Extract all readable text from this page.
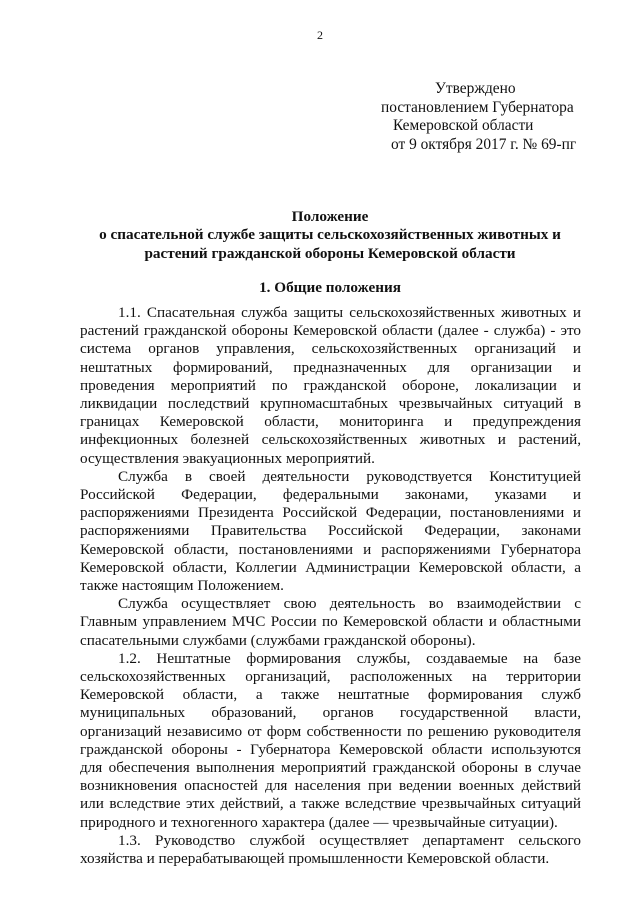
2
Утверждено
постановлением Губернатора
Кемеровской области
от 9 октября 2017 г. № 69-пг
Положение
о спасательной службе защиты сельскохозяйственных животных и
растений гражданской обороны Кемеровской области
1. Общие положения
1.1. Спасательная служба защиты сельскохозяйственных животных и
растений гражданской обороны Кемеровской области (далее - служба) - это
система органов управления, сельскохозяйственных организаций и
нештатных формирований, предназначенных для организации и
проведения мероприятий по гражданской обороне, локализации и
ликвидации последствий крупномасштабных чрезвычайных ситуаций в
границах Кемеровской области, мониторинга и предупреждения
инфекционных болезней сельскохозяйственных животных и растений,
осуществления эвакуационных мероприятий.
Служба в своей деятельности руководствуется Конституцией
Российской Федерации, федеральными законами, указами и
распоряжениями Президента Российской Федерации, постановлениями и
распоряжениями Правительства Российской Федерации, законами
Кемеровской области, постановлениями и распоряжениями Губернатора
Кемеровской области, Коллегии Администрации Кемеровской области, а
также настоящим Положением.
Служба осуществляет свою деятельность во взаимодействии с
Главным управлением МЧС России по Кемеровской области и областными
спасательными службами (службами гражданской обороны).
1.2. Нештатные формирования службы, создаваемые на базе
сельскохозяйственных организаций, расположенных на территории
Кемеровской области, а также нештатные формирования служб
муниципальных образований, органов государственной власти,
организаций независимо от форм собственности по решению руководителя
гражданской обороны - Губернатора Кемеровской области используются
для обеспечения выполнения мероприятий гражданской обороны в случае
возникновения опасностей для населения при ведении военных действий
или вследствие этих действий, а также вследствие чрезвычайных ситуаций
природного и техногенного характера (далее — чрезвычайные ситуации).
1.3. Руководство службой осуществляет департамент сельского
хозяйства и перерабатывающей промышленности Кемеровской области.
